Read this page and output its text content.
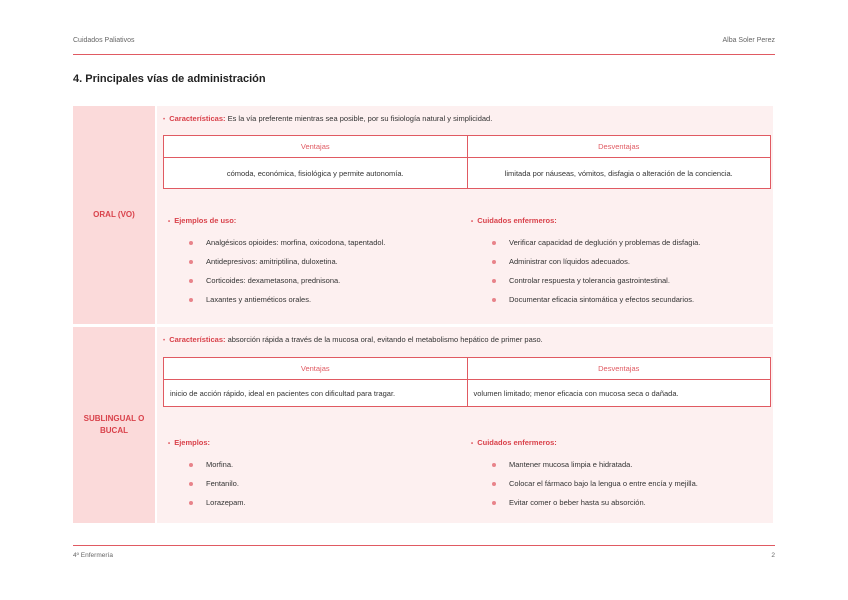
Cuidados Paliativos	Alba Soler Perez
4. Principales vías de administración
ORAL (VO)
• Características: Es la vía preferente mientras sea posible, por su fisiología natural y simplicidad.
Ventajas	Desventajas
cómoda, económica, fisiológica y permite autonomía.	limitada por náuseas, vómitos, disfagia o alteración de la conciencia.
• Ejemplos de uso:
Analgésicos opioides: morfina, oxicodona, tapentadol.
Antidepresivos: amitriptilina, duloxetina.
Corticoides: dexametasona, prednisona.
Laxantes y antieméticos orales.
• Cuidados enfermeros:
Verificar capacidad de deglución y problemas de disfagia.
Administrar con líquidos adecuados.
Controlar respuesta y tolerancia gastrointestinal.
Documentar eficacia sintomática y efectos secundarios.
SUBLINGUAL O BUCAL
• Características: absorción rápida a través de la mucosa oral, evitando el metabolismo hepático de primer paso.
Ventajas	Desventajas
inicio de acción rápido, ideal en pacientes con dificultad para tragar.	volumen limitado; menor eficacia con mucosa seca o dañada.
• Ejemplos:
Morfina.
Fentanilo.
Lorazepam.
• Cuidados enfermeros:
Mantener mucosa limpia e hidratada.
Colocar el fármaco bajo la lengua o entre encía y mejilla.
Evitar comer o beber hasta su absorción.
4º Enfermería	2
